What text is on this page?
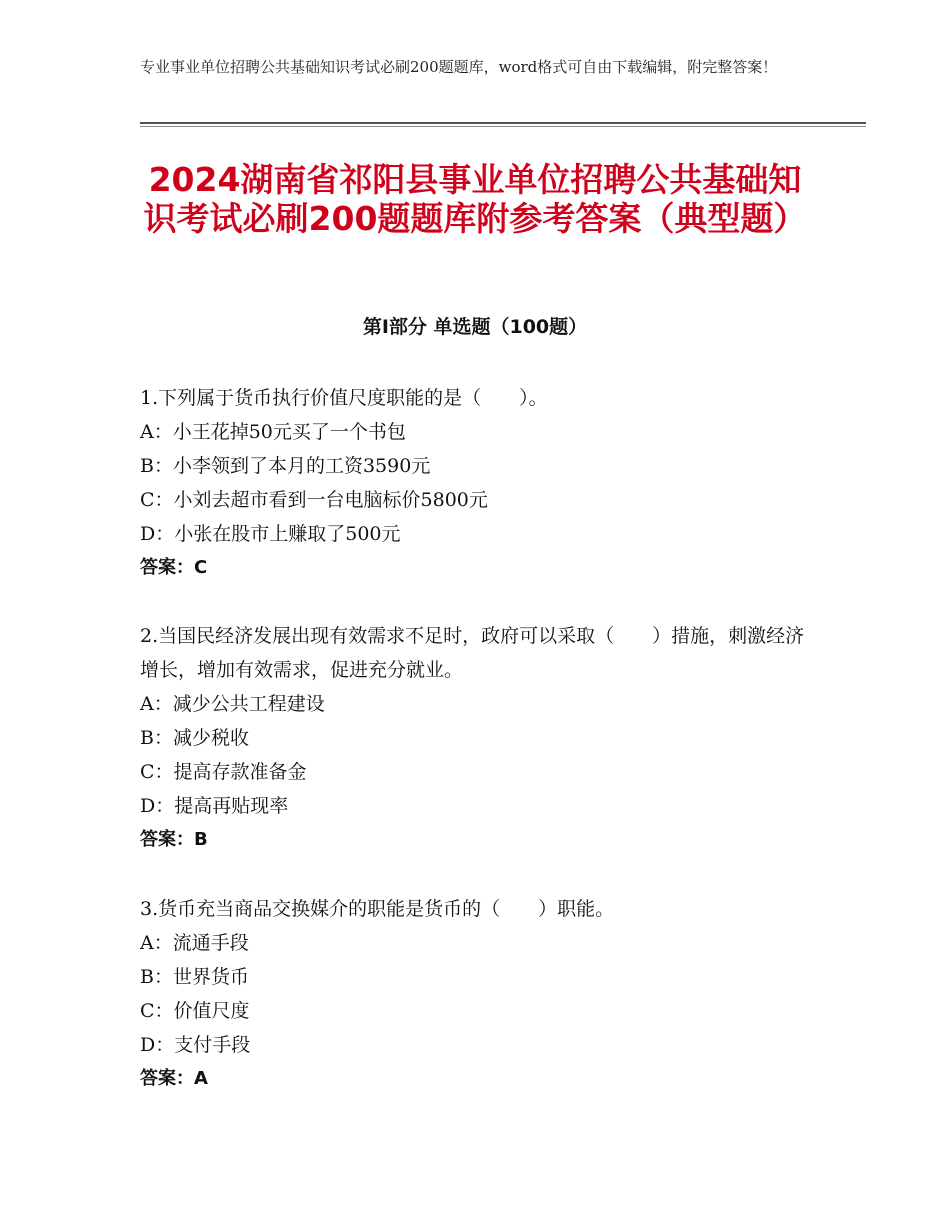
专业事业单位招聘公共基础知识考试必刷200题题库，word格式可自由下载编辑，附完整答案！
2024湖南省祁阳县事业单位招聘公共基础知识考试必刷200题题库附参考答案（典型题）
第Ⅰ部分 单选题（100题）

1.下列属于货币执行价值尺度职能的是（　　）。

A：小王花掉50元买了一个书包

B：小李领到了本月的工资3590元

C：小刘去超市看到一台电脑标价5800元

D：小张在股市上赚取了500元

答案：C

2.当国民经济发展出现有效需求不足时，政府可以采取（　　）措施，刺激经济增长，增加有效需求，促进充分就业。

A：减少公共工程建设

B：减少税收

C：提高存款准备金

D：提高再贴现率

答案：B

3.货币充当商品交换媒介的职能是货币的（　　）职能。

A：流通手段

B：世界货币

C：价值尺度

D：支付手段

答案：A
